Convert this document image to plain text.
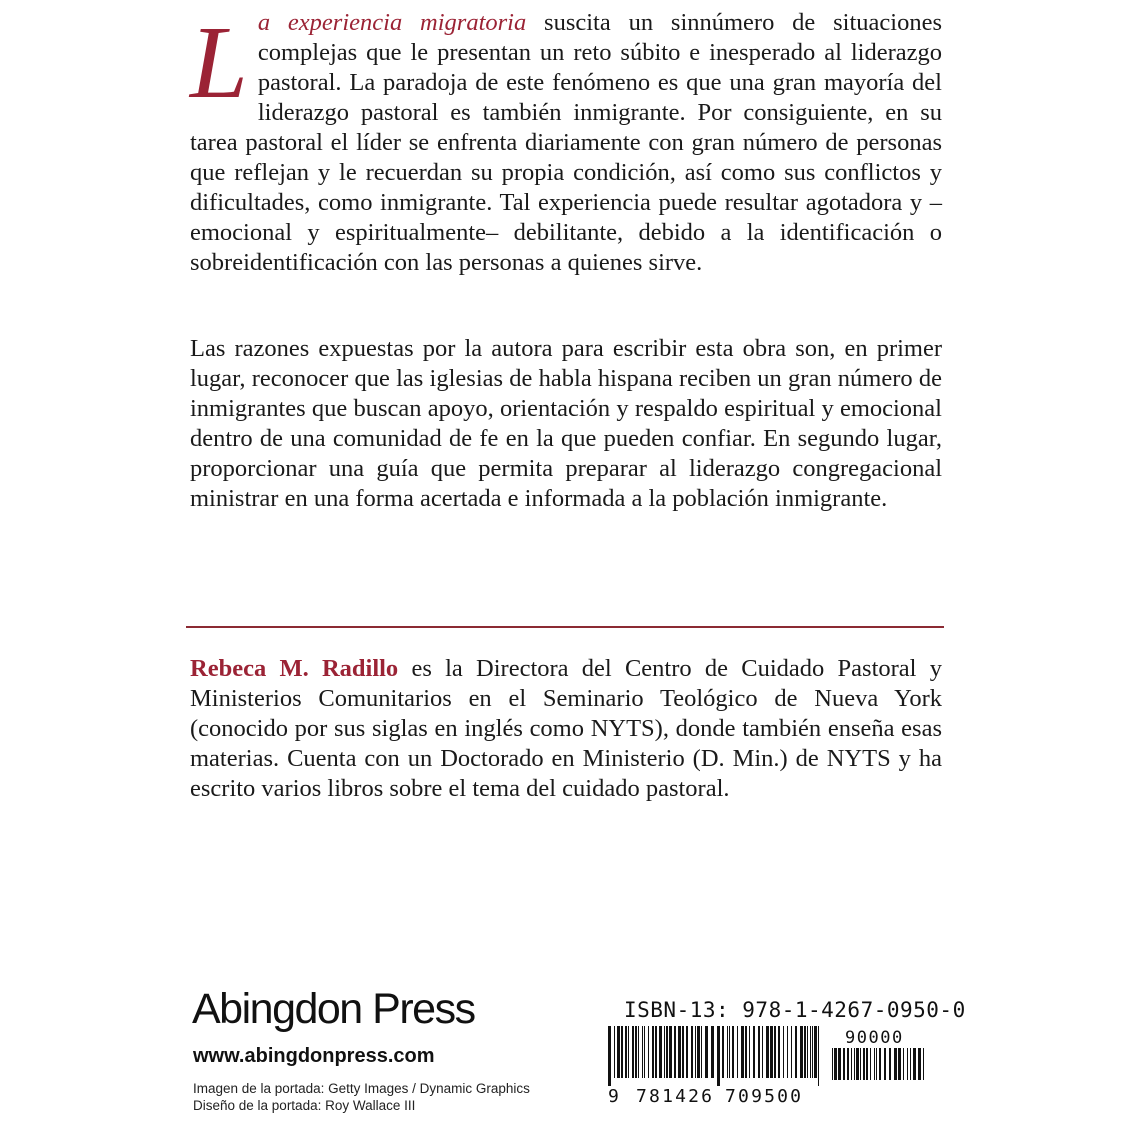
La experiencia migratoria suscita un sinnúmero de situaciones complejas que le presentan un reto súbito e inesperado al liderazgo pastoral. La paradoja de este fenómeno es que una gran mayoría del liderazgo pastoral es también inmigrante. Por consiguiente, en su tarea pastoral el líder se enfrenta diariamente con gran número de personas que reflejan y le recuerdan su propia condición, así como sus conflictos y dificultades, como inmigrante. Tal experiencia puede resultar agotadora y –emocional y espiritualmente– debilitante, debido a la identificación o sobreidentificación con las personas a quienes sirve.

Las razones expuestas por la autora para escribir esta obra son, en primer lugar, reconocer que las iglesias de habla hispana reciben un gran número de inmigrantes que buscan apoyo, orientación y respaldo espiritual y emocional dentro de una comunidad de fe en la que pueden confiar. En segundo lugar, proporcionar una guía que permita preparar al liderazgo congregacional ministrar en una forma acertada e informada a la población inmigrante.

Rebeca M. Radillo es la Directora del Centro de Cuidado Pastoral y Ministerios Comunitarios en el Seminario Teológico de Nueva York (conocido por sus siglas en inglés como NYTS), donde también enseña esas materias. Cuenta con un Doctorado en Ministerio (D. Min.) de NYTS y ha escrito varios libros sobre el tema del cuidado pastoral.

Abingdon Press
www.abingdonpress.com
Imagen de la portada: Getty Images / Dynamic Graphics
Diseño de la portada: Roy Wallace III
ISBN-13: 978-1-4267-0950-0
9 781426 709500
90000
